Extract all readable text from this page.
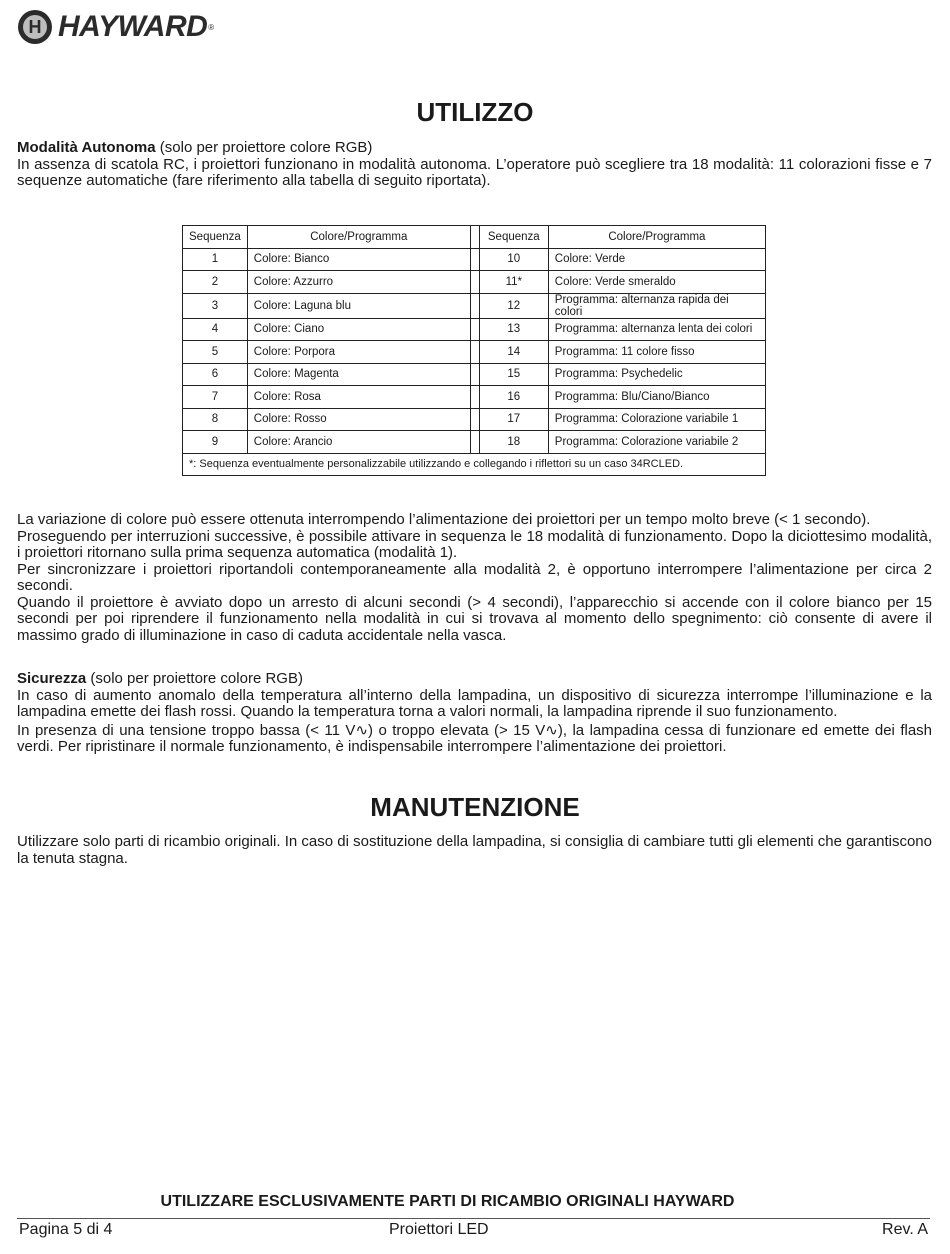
H HAYWARD ®
UTILIZZO

Modalità Autonoma (solo per proiettore colore RGB)

In assenza di scatola RC, i proiettori funzionano in modalità autonoma. L’operatore può scegliere tra 18 modalità: 11 colorazioni fisse e 7 sequenze automatiche (fare riferimento alla tabella di seguito riportata).

Sequenza	Colore/Programma		Sequenza	Colore/Programma
1	Colore: Bianco		10	Colore: Verde
2	Colore: Azzurro		11*	Colore: Verde smeraldo
3	Colore: Laguna blu		12	Programma: alternanza rapida dei colori
4	Colore: Ciano		13	Programma: alternanza lenta dei colori
5	Colore: Porpora		14	Programma: 11 colore fisso
6	Colore: Magenta		15	Programma: Psychedelic
7	Colore: Rosa		16	Programma: Blu/Ciano/Bianco
8	Colore: Rosso		17	Programma: Colorazione variabile 1
9	Colore: Arancio		18	Programma: Colorazione variabile 2
*: Sequenza eventualmente personalizzabile utilizzando e collegando i riflettori su un caso 34RCLED.				

La variazione di colore può essere ottenuta interrompendo l’alimentazione dei proiettori per un tempo molto breve (< 1 secondo).

Proseguendo per interruzioni successive, è possibile attivare in sequenza le 18 modalità di funzionamento. Dopo la diciottesimo modalità, i proiettori ritornano sulla prima sequenza automatica (modalità 1).

Per sincronizzare i proiettori riportandoli contemporaneamente alla modalità 2, è opportuno interrompere l’alimentazione per circa 2 secondi.

Quando il proiettore è avviato dopo un arresto di alcuni secondi (> 4 secondi), l’apparecchio si accende con il colore bianco per 15 secondi per poi riprendere il funzionamento nella modalità in cui si trovava al momento dello spegnimento: ciò consente di avere il massimo grado di illuminazione in caso di caduta accidentale nella vasca.

Sicurezza (solo per proiettore colore RGB)

In caso di aumento anomalo della temperatura all’interno della lampadina, un dispositivo di sicurezza interrompe l’illuminazione e la lampadina emette dei flash rossi. Quando la temperatura torna a valori normali, la lampadina riprende il suo funzionamento.

In presenza di una tensione troppo bassa (< 11 V∿) o troppo elevata (> 15 V∿), la lampadina cessa di funzionare ed emette dei flash verdi. Per ripristinare il normale funzionamento, è indispensabile interrompere l’alimentazione dei proiettori.

MANUTENZIONE

Utilizzare solo parti di ricambio originali. In caso di sostituzione della lampadina, si consiglia di cambiare tutti gli elementi che garantiscono la tenuta stagna.

UTILIZZARE ESCLUSIVAMENTE PARTI DI RICAMBIO ORIGINALI HAYWARD
Pagina 5 di 4	Proiettori LED	Rev. A
